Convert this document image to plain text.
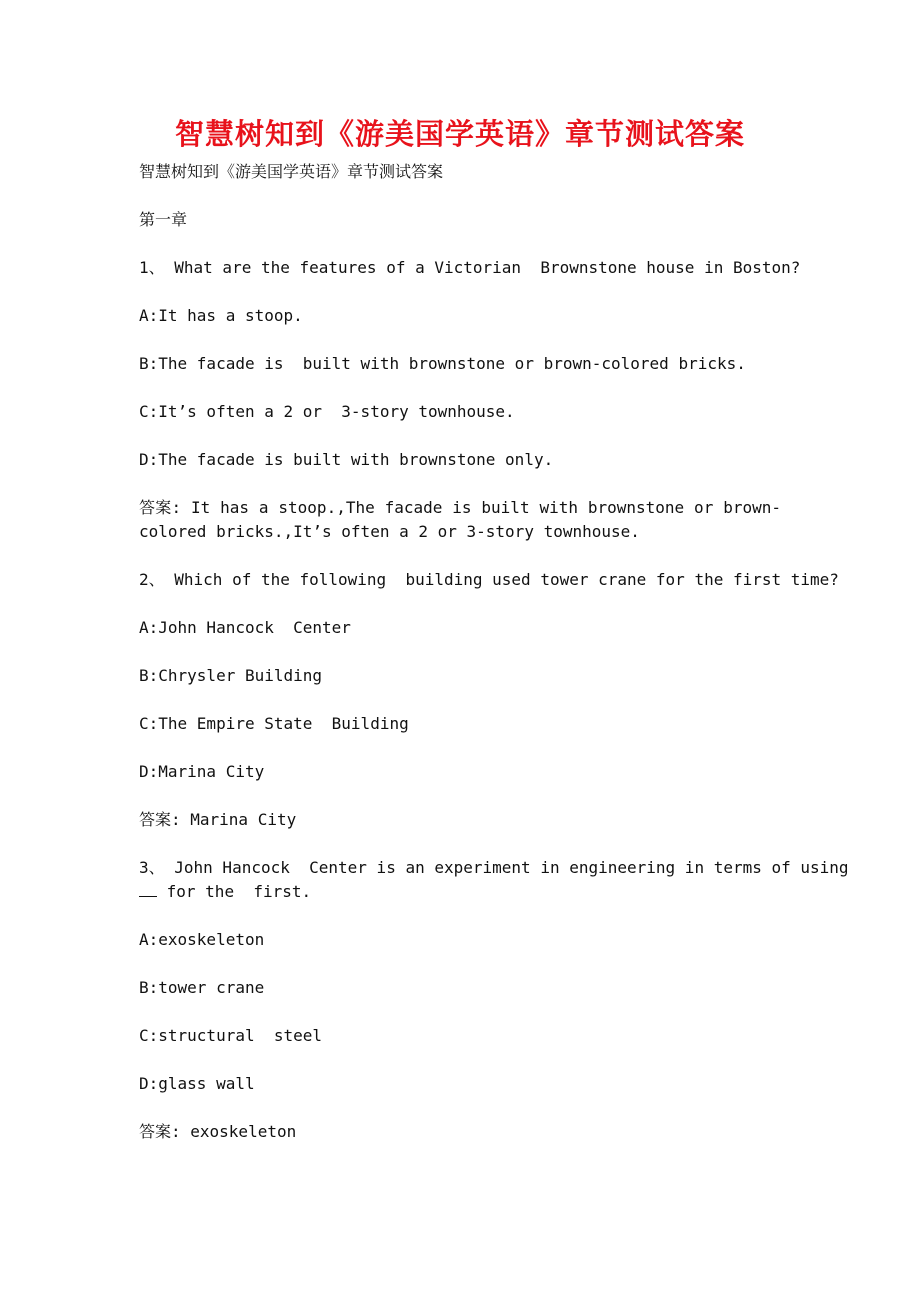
智慧树知到《游美国学英语》章节测试答案

智慧树知到《游美国学英语》章节测试答案

第一章

1、 What are the features of a Victorian  Brownstone house in Boston?

A:It has a stoop.

B:The facade is  built with brownstone or brown-colored bricks.

C:It’s often a 2 or  3-story townhouse.

D:The facade is built with brownstone only.

答案: It has a stoop.,The facade is built with brownstone or brown-colored bricks.,It’s often a 2 or 3-story townhouse.

2、 Which of the following  building used tower crane for the first time?

A:John Hancock  Center

B:Chrysler Building

C:The Empire State  Building

D:Marina City

答案: Marina City

3、 John Hancock  Center is an experiment in engineering in terms of using

for the  first.

A:exoskeleton

B:tower crane

C:structural  steel

D:glass wall

答案: exoskeleton
